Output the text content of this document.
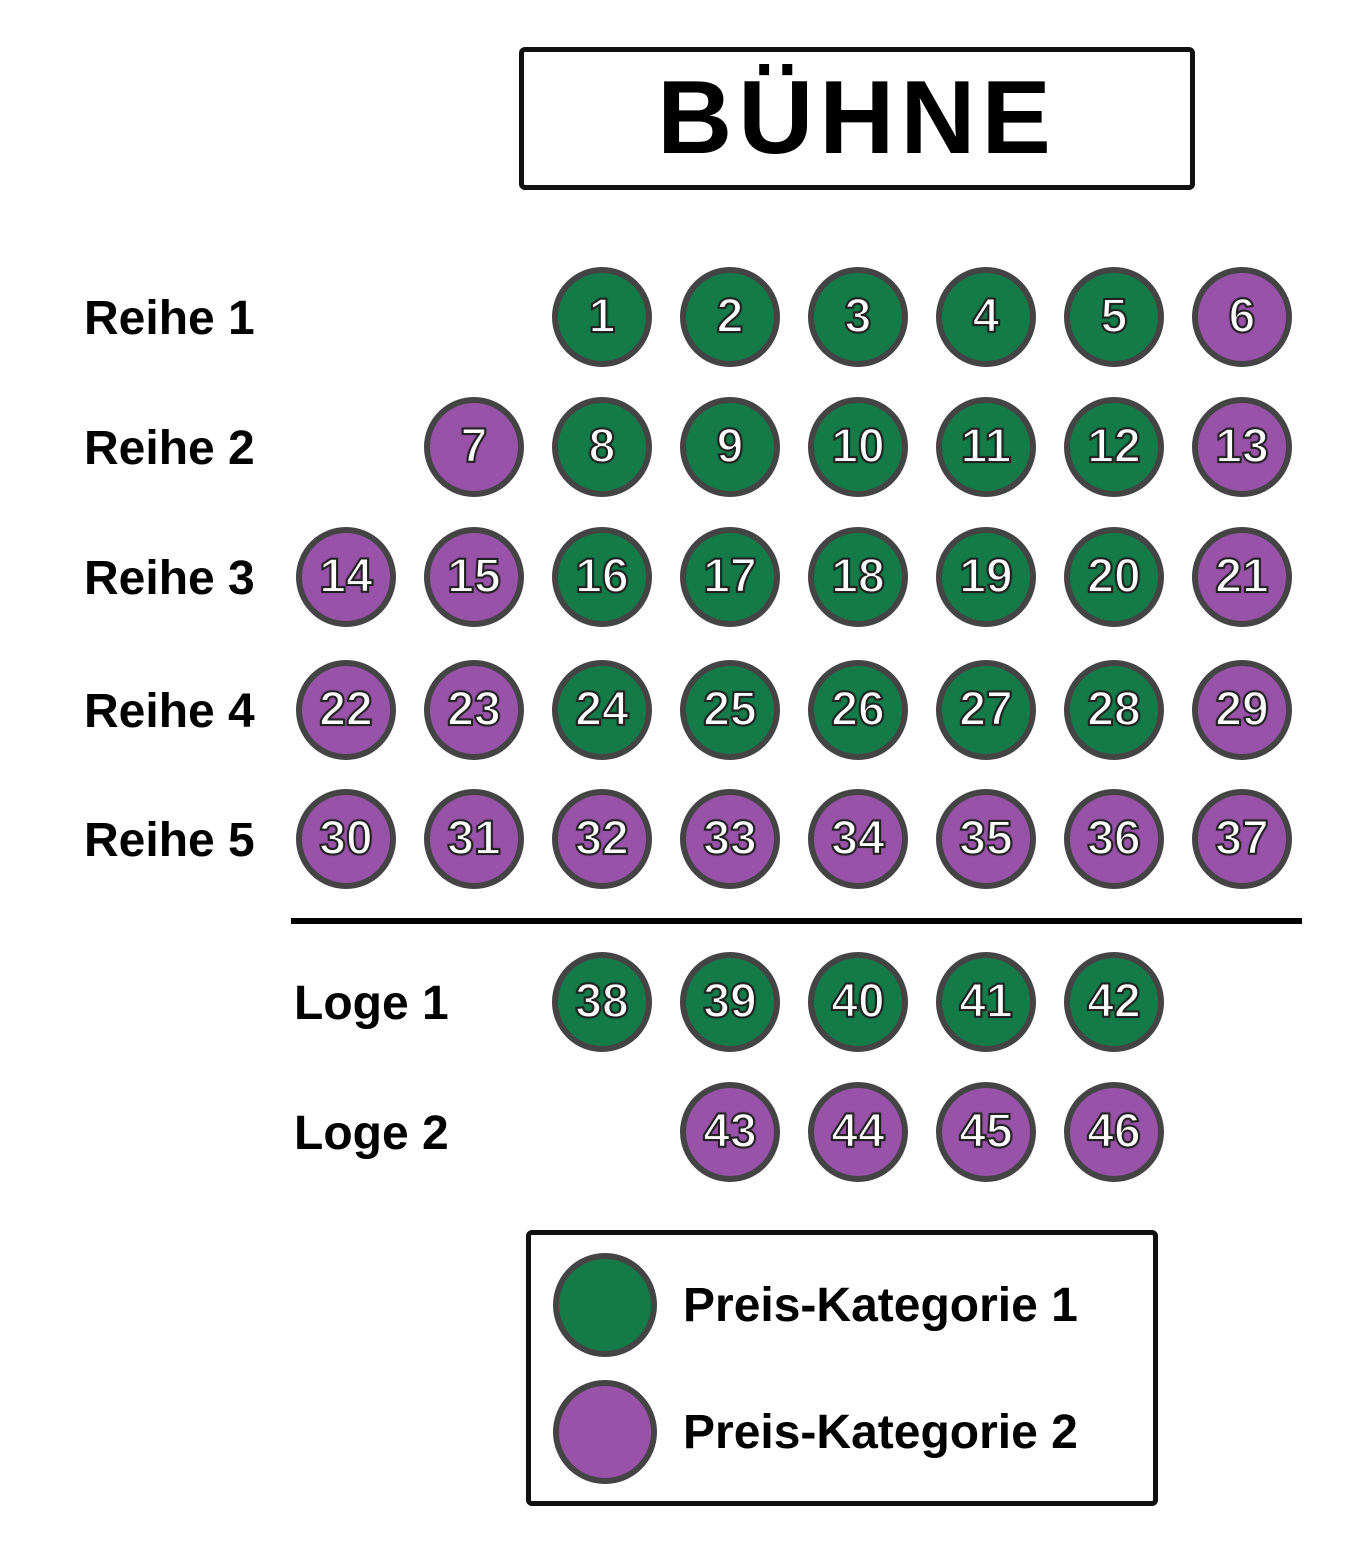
BÜHNE
Reihe 1	1 2 3 4 5 6
Reihe 2	7 8 9 10 11 12 13
Reihe 3 14 15 16 17 18 19 20 21
Reihe 4 22 23 24 25 26 27 28 29
Reihe 5 30 31 32 33 34 35 36 37
Loge 1	38 39 40 41 42
Loge 2	43 44 45 46
Preis-Kategorie 1
Preis-Kategorie 2
